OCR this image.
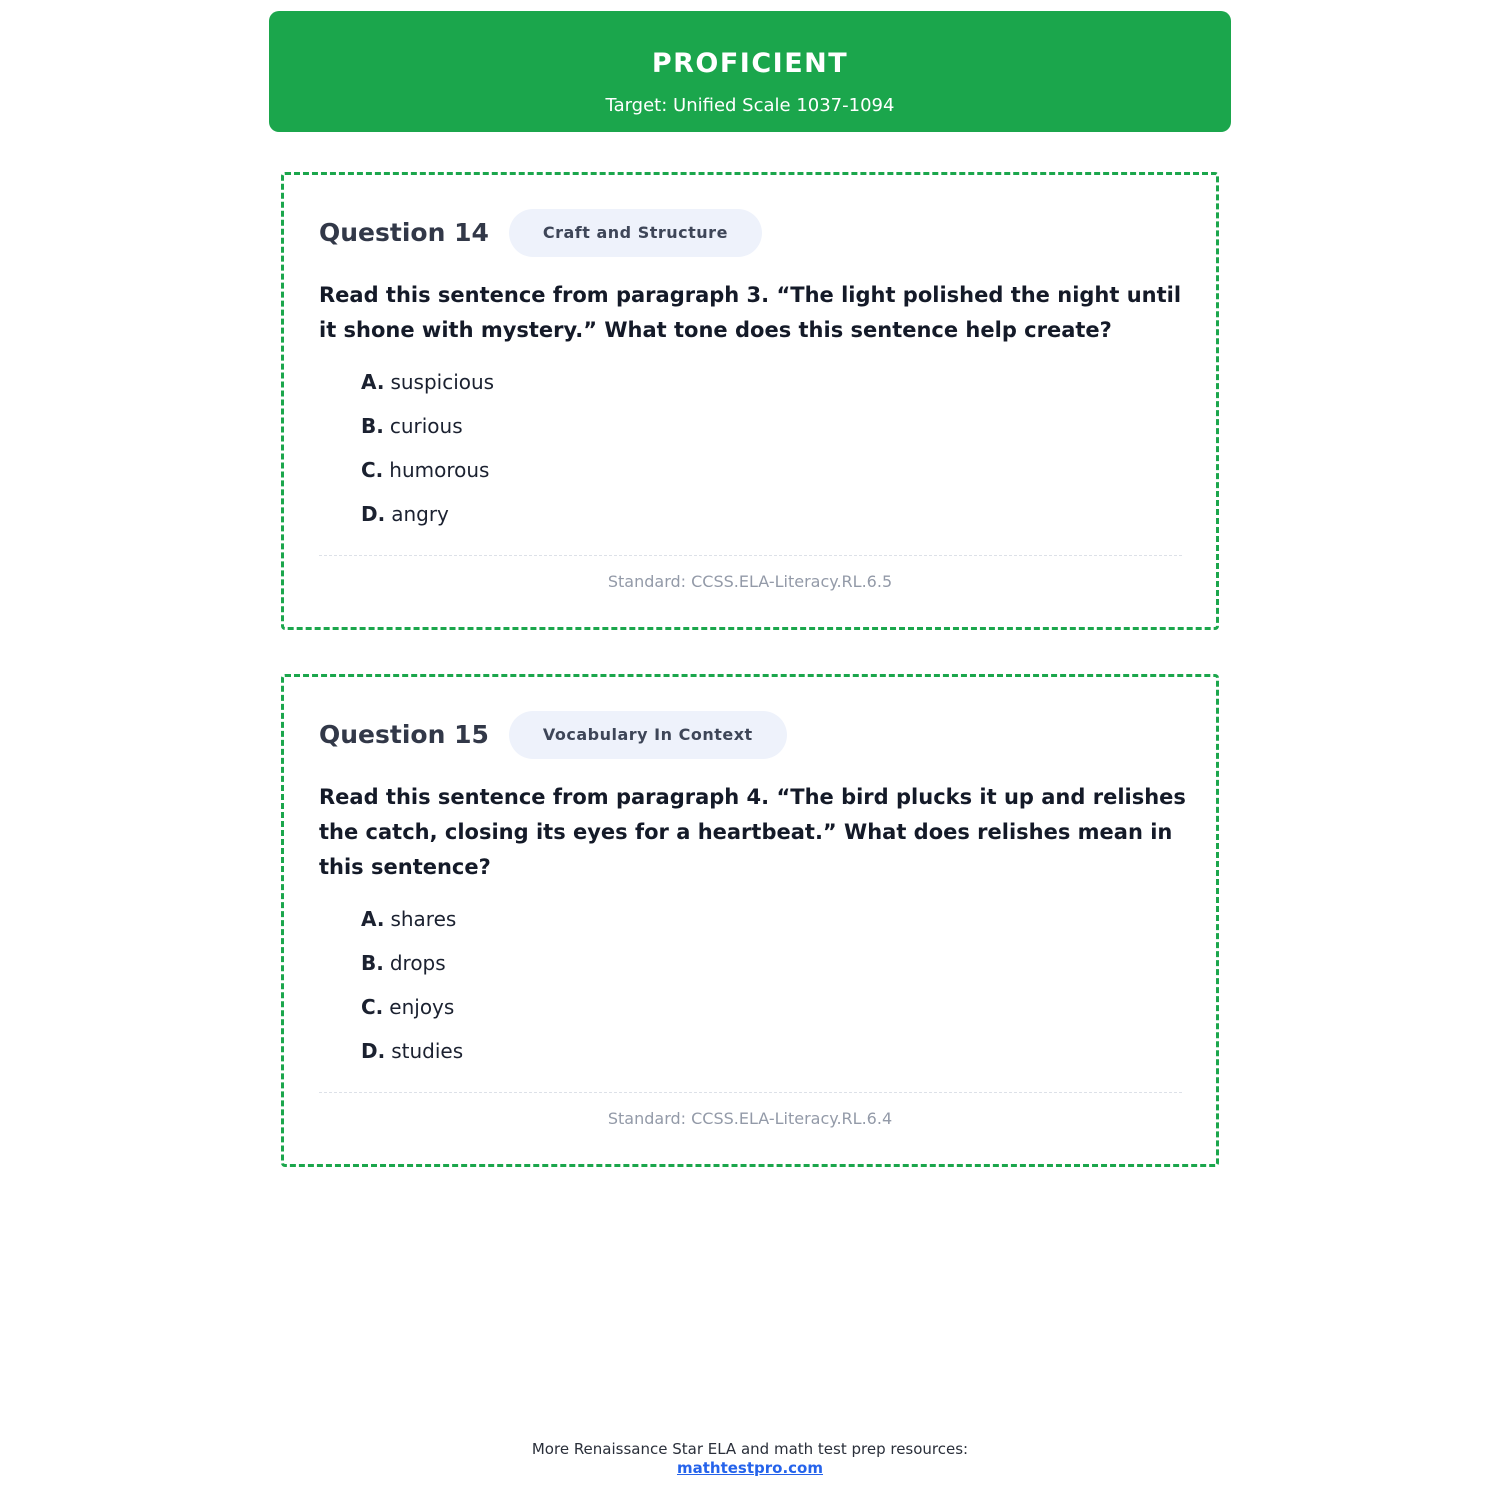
PROFICIENT
Target: Unified Scale 1037-1094
Question 14	Craft and Structure
Read this sentence from paragraph 3. “The light polished the night until it shone with mystery.” What tone does this sentence help create?
A. suspicious
B. curious
C. humorous
D. angry
Standard: CCSS.ELA-Literacy.RL.6.5
Question 15	Vocabulary In Context
Read this sentence from paragraph 4. “The bird plucks it up and relishes the catch, closing its eyes for a heartbeat.” What does relishes mean in this sentence?
A. shares
B. drops
C. enjoys
D. studies
Standard: CCSS.ELA-Literacy.RL.6.4
More Renaissance Star ELA and math test prep resources:
mathtestpro.com
